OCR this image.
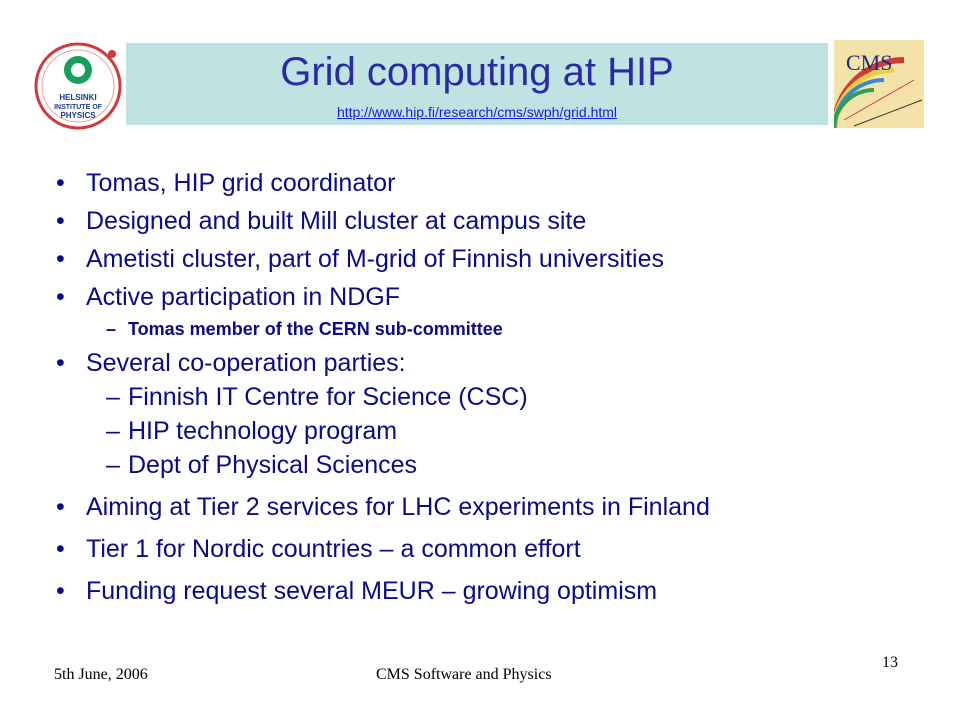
HELSINKI
INSTITUTE OF
PHYSICS
CMS
Grid computing at HIP
http://www.hip.fi/research/cms/swph/grid.html
• Tomas, HIP grid coordinator
• Designed and built Mill cluster at campus site
• Ametisti cluster, part of M-grid of Finnish universities
• Active participation in NDGF
– Tomas member of the CERN sub-committee
• Several co-operation parties:
– Finnish IT Centre for Science (CSC)
– HIP technology program
– Dept of Physical Sciences
• Aiming at Tier 2 services for LHC experiments in Finland
• Tier 1 for Nordic countries – a common effort
• Funding request several MEUR – growing optimism
5th June, 2006	CMS Software and Physics
13
